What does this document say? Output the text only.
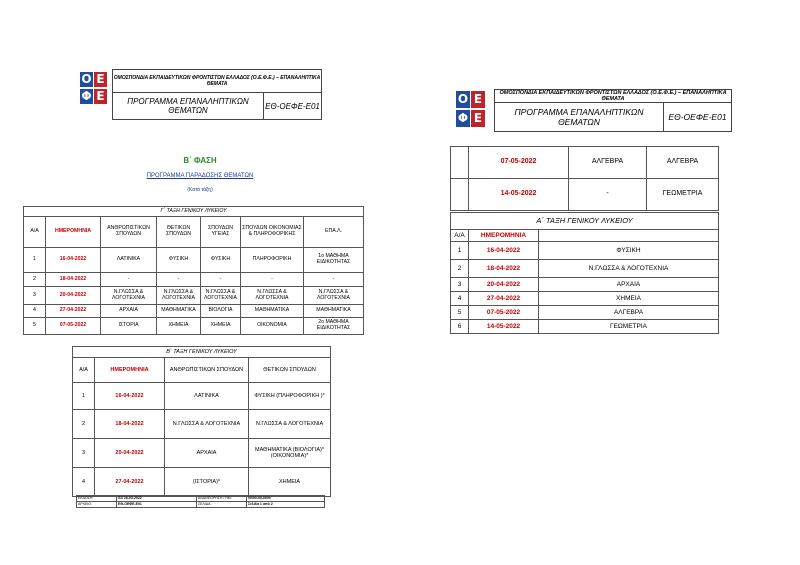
Ο Ε
Φ Ε
ΟΜΟΣΠΟΝΔΙΑ ΕΚΠΑΙΔΕΥΤΙΚΩΝ ΦΡΟΝΤΙΣΤΩΝ ΕΛΛΑΔΟΣ (Ο.Ε.Φ.Ε.) – ΕΠΑΝΑΛΗΠΤΙΚΑ ΘΕΜΑΤΑ
ΠΡΟΓΡΑΜΜΑ ΕΠΑΝΑΛΗΠΤΙΚΩΝ ΘΕΜΑΤΩΝ	ΕΘ-ΟΕΦΕ-Ε01
Β΄ ΦΑΣΗ
ΠΡΟΓΡΑΜΜΑ ΠΑΡΑΔΟΣΗΣ ΘΕΜΑΤΩΝ
(Κατά τάξη)
Γ΄ ΤΑΞΗ ΓΕΝΙΚΟΥ ΛΥΚΕΙΟΥ						
Α/Α	ΗΜΕΡΟΜΗΝΙΑ	ΑΝΘΡΩΠΙΣΤΙΚΩΝ ΣΠΟΥΔΩΝ	ΘΕΤΙΚΩΝ ΣΠΟΥΔΩΝ	ΣΠΟΥΔΩΝ ΥΓΕΙΑΣ	ΣΠΟΥΔΩΝ ΟΙΚΟΝΟΜΙΑΣ & ΠΛΗΡΟΦΟΡΙΚΗΣ	ΕΠΑ.Λ.
1	16-04-2022	ΛΑΤΙΝΙΚΑ	ΦΥΣΙΚΗ	ΦΥΣΙΚΗ	ΠΛΗΡΟΦΟΡΙΚΗ	1ο ΜΑΘΗΜΑ ΕΙΔΙΚΟΤΗΤΑΣ
2	18-04-2022	-	-	-	-	-
3	20-04-2022	Ν.ΓΛΩΣΣΑ & ΛΟΓΟΤΕΧΝΙΑ	Ν.ΓΛΩΣΣΑ & ΛΟΓΟΤΕΧΝΙΑ	Ν.ΓΛΩΣΣΑ & ΛΟΓΟΤΕΧΝΙΑ	Ν.ΓΛΩΣΣΑ & ΛΟΓΟΤΕΧΝΙΑ	Ν.ΓΛΩΣΣΑ & ΛΟΓΟΤΕΧΝΙΑ
4	27-04-2022	ΑΡΧΑΙΑ	ΜΑΘΗΜΑΤΙΚΑ	ΒΙΟΛΟΓΙΑ	ΜΑΘΗΜΑΤΙΚΑ	ΜΑΘΗΜΑΤΙΚΑ
5	07-05-2022	ΙΣΤΟΡΙΑ	ΧΗΜΕΙΑ	ΧΗΜΕΙΑ	ΟΙΚΟΝΟΜΙΑ	2ο ΜΑΘΗΜΑ ΕΙΔΙΚΟΤΗΤΑΣ
Β΄ ΤΑΞΗ ΓΕΝΙΚΟΥ ΛΥΚΕΙΟΥ			
Α/Α	ΗΜΕΡΟΜΗΝΙΑ	ΑΝΘΡΩΠΙΣΤΙΚΩΝ ΣΠΟΥΔΩΝ	ΘΕΤΙΚΩΝ ΣΠΟΥΔΩΝ
1	16-04-2022	ΛΑΤΙΝΙΚΑ	ΦΥΣΙΚΗ (ΠΛΗΡΟΦΟΡΙΚΗ )*
2	18-04-2022	Ν.ΓΛΩΣΣΑ & ΛΟΓΟΤΕΧΝΙΑ	Ν.ΓΛΩΣΣΑ & ΛΟΓΟΤΕΧΝΙΑ
3	20-04-2022	ΑΡΧΑΙΑ	ΜΑΘΗΜΑΤΙΚΑ (ΒΙΟΛΟΓΙΑ)* (ΟΙΚΟΝΟΜΙΑ)*
4	27-04-2022	(ΙΣΤΟΡΙΑ)*	ΧΗΜΕΙΑ
ΕΚΔΟΣΗ:	01/ 16-03-2022	ΑΝΑΘΕΩΡΗΣΗ / ΗΜ:	00/00-00-0000
ΑΡΧΕΙΟ:	ΕΘ-ΟΕΦΕ-Ε01	ΣΕΛΙΔΑ:	Σελίδα 1 από 2
Ο Ε
Φ Ε
ΟΜΟΣΠΟΝΔΙΑ ΕΚΠΑΙΔΕΥΤΙΚΩΝ ΦΡΟΝΤΙΣΤΩΝ ΕΛΛΑΔΟΣ (Ο.Ε.Φ.Ε.) – ΕΠΑΝΑΛΗΠΤΙΚΑ ΘΕΜΑΤΑ
ΠΡΟΓΡΑΜΜΑ ΕΠΑΝΑΛΗΠΤΙΚΩΝ ΘΕΜΑΤΩΝ	ΕΘ-ΟΕΦΕ-Ε01
	07-05-2022	ΑΛΓΕΒΡΑ	ΑΛΓΕΒΡΑ
	14-05-2022	-	ΓΕΩΜΕΤΡΙΑ
Α΄ ΤΑΞΗ ΓΕΝΙΚΟΥ ΛΥΚΕΙΟΥ		
Α/Α	ΗΜΕΡΟΜΗΝΙΑ	
1	16-04-2022	ΦΥΣΙΚΗ
2	18-04-2022	Ν.ΓΛΩΣΣΑ & ΛΟΓΟΤΕΧΝΙΑ
3	20-04-2022	ΑΡΧΑΙΑ
4	27-04-2022	ΧΗΜΕΙΑ
5	07-05-2022	ΑΛΓΕΒΡΑ
6	14-05-2022	ΓΕΩΜΕΤΡΙΑ
